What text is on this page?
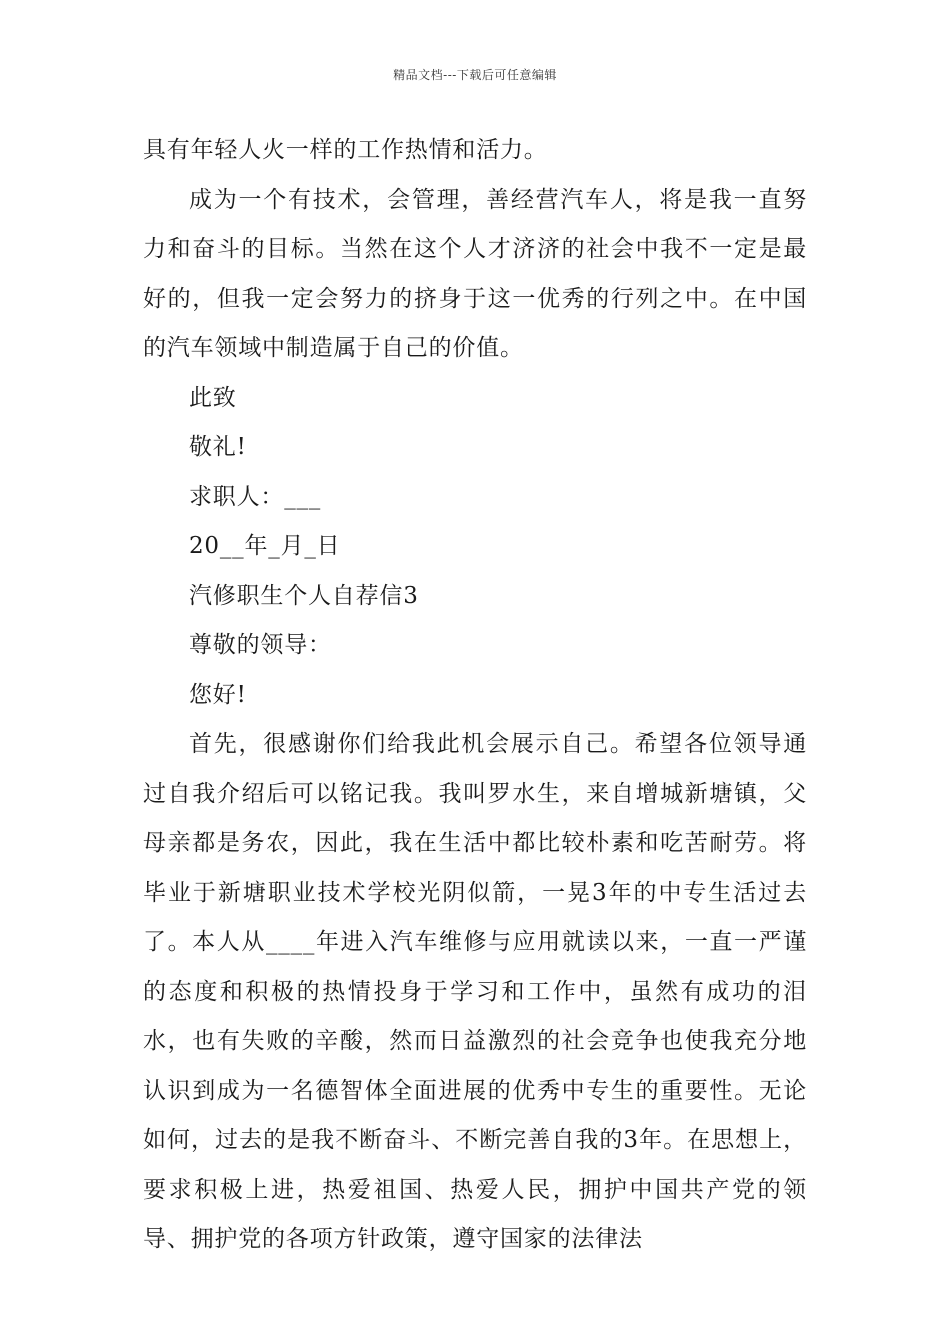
精品文档---下载后可任意编辑

具有年轻人火一样的工作热情和活力。

成为一个有技术，会管理，善经营汽车人，将是我一直努力和奋斗的目标。当然在这个人才济济的社会中我不一定是最好的，但我一定会努力的挤身于这一优秀的行列之中。在中国的汽车领域中制造属于自己的价值。

此致

敬礼!

求职人：___

20__年_月_日

汽修职生个人自荐信3

尊敬的领导：

您好!

首先，很感谢你们给我此机会展示自己。希望各位领导通过自我介绍后可以铭记我。我叫罗水生，来自增城新塘镇，父母亲都是务农，因此，我在生活中都比较朴素和吃苦耐劳。将毕业于新塘职业技术学校光阴似箭，一晃3年的中专生活过去了。本人从____年进入汽车维修与应用就读以来，一直一严谨的态度和积极的热情投身于学习和工作中，虽然有成功的泪水，也有失败的辛酸，然而日益激烈的社会竞争也使我充分地认识到成为一名德智体全面进展的优秀中专生的重要性。无论如何，过去的是我不断奋斗、不断完善自我的3年。在思想上，要求积极上进，热爱祖国、热爱人民，拥护中国共产党的领导、拥护党的各项方针政策，遵守国家的法律法
